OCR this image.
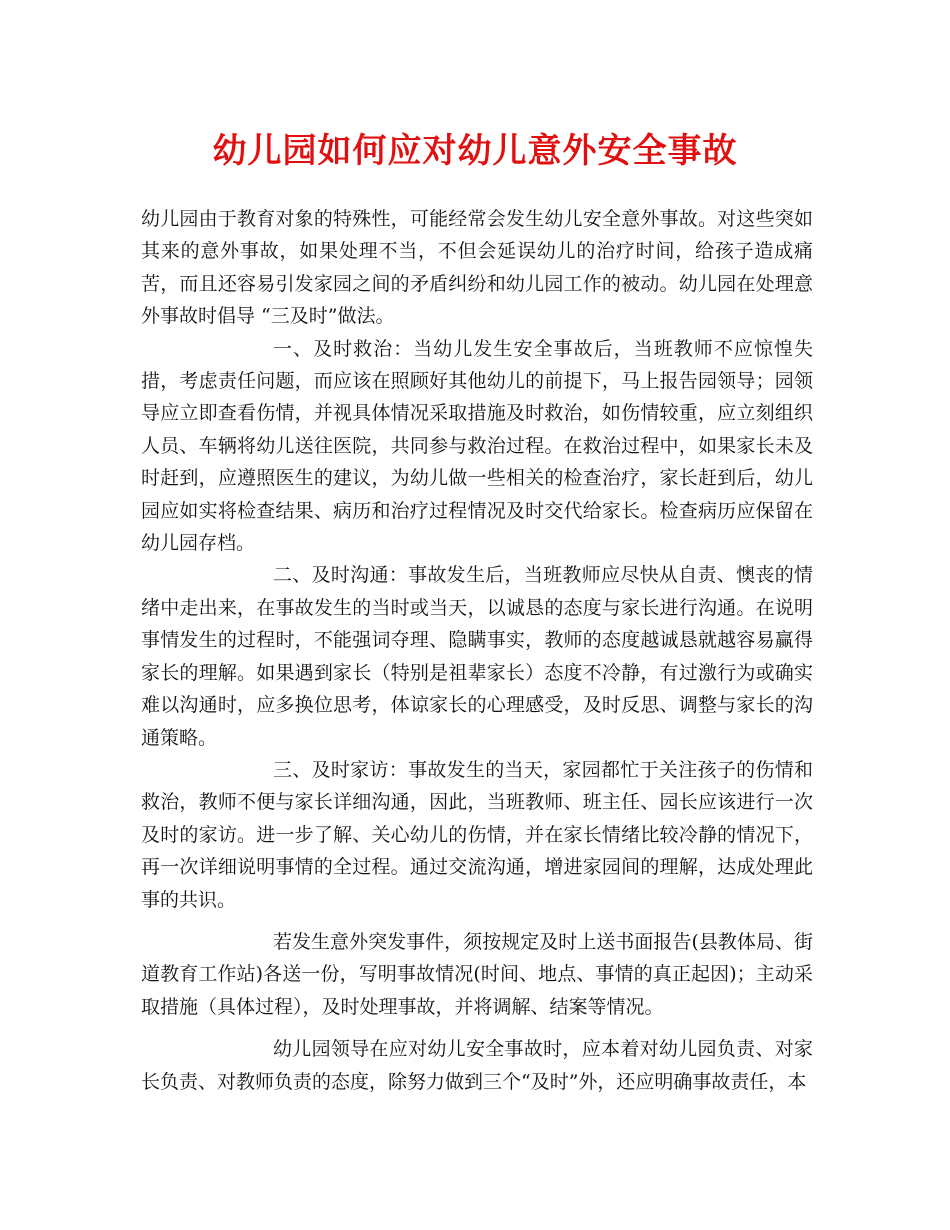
幼儿园如何应对幼儿意外安全事故

幼儿园由于教育对象的特殊性，可能经常会发生幼儿安全意外事故。对这些突如其来的意外事故，如果处理不当，不但会延误幼儿的治疗时间，给孩子造成痛苦，而且还容易引发家园之间的矛盾纠纷和幼儿园工作的被动。幼儿园在处理意外事故时倡导 “三及时”做法。

一、及时救治：当幼儿发生安全事故后，当班教师不应惊惶失措，考虑责任问题，而应该在照顾好其他幼儿的前提下，马上报告园领导；园领导应立即查看伤情，并视具体情况采取措施及时救治，如伤情较重，应立刻组织人员、车辆将幼儿送往医院，共同参与救治过程。在救治过程中，如果家长未及时赶到，应遵照医生的建议，为幼儿做一些相关的检查治疗，家长赶到后，幼儿园应如实将检查结果、病历和治疗过程情况及时交代给家长。检查病历应保留在幼儿园存档。

二、及时沟通：事故发生后，当班教师应尽快从自责、懊丧的情绪中走出来，在事故发生的当时或当天，以诚恳的态度与家长进行沟通。在说明事情发生的过程时，不能强词夺理、隐瞒事实，教师的态度越诚恳就越容易赢得家长的理解。如果遇到家长（特别是祖辈家长）态度不冷静，有过激行为或确实难以沟通时，应多换位思考，体谅家长的心理感受，及时反思、调整与家长的沟通策略。

三、及时家访：事故发生的当天，家园都忙于关注孩子的伤情和救治，教师不便与家长详细沟通，因此，当班教师、班主任、园长应该进行一次及时的家访。进一步了解、关心幼儿的伤情，并在家长情绪比较冷静的情况下，再一次详细说明事情的全过程。通过交流沟通，增进家园间的理解，达成处理此事的共识。

若发生意外突发事件，须按规定及时上送书面报告(县教体局、街道教育工作站)各送一份，写明事故情况(时间、地点、事情的真正起因)；主动采取措施（具体过程），及时处理事故，并将调解、结案等情况。

幼儿园领导在应对幼儿安全事故时，应本着对幼儿园负责、对家长负责、对教师负责的态度，除努力做到三个“及时”外，还应明确事故责任，本
